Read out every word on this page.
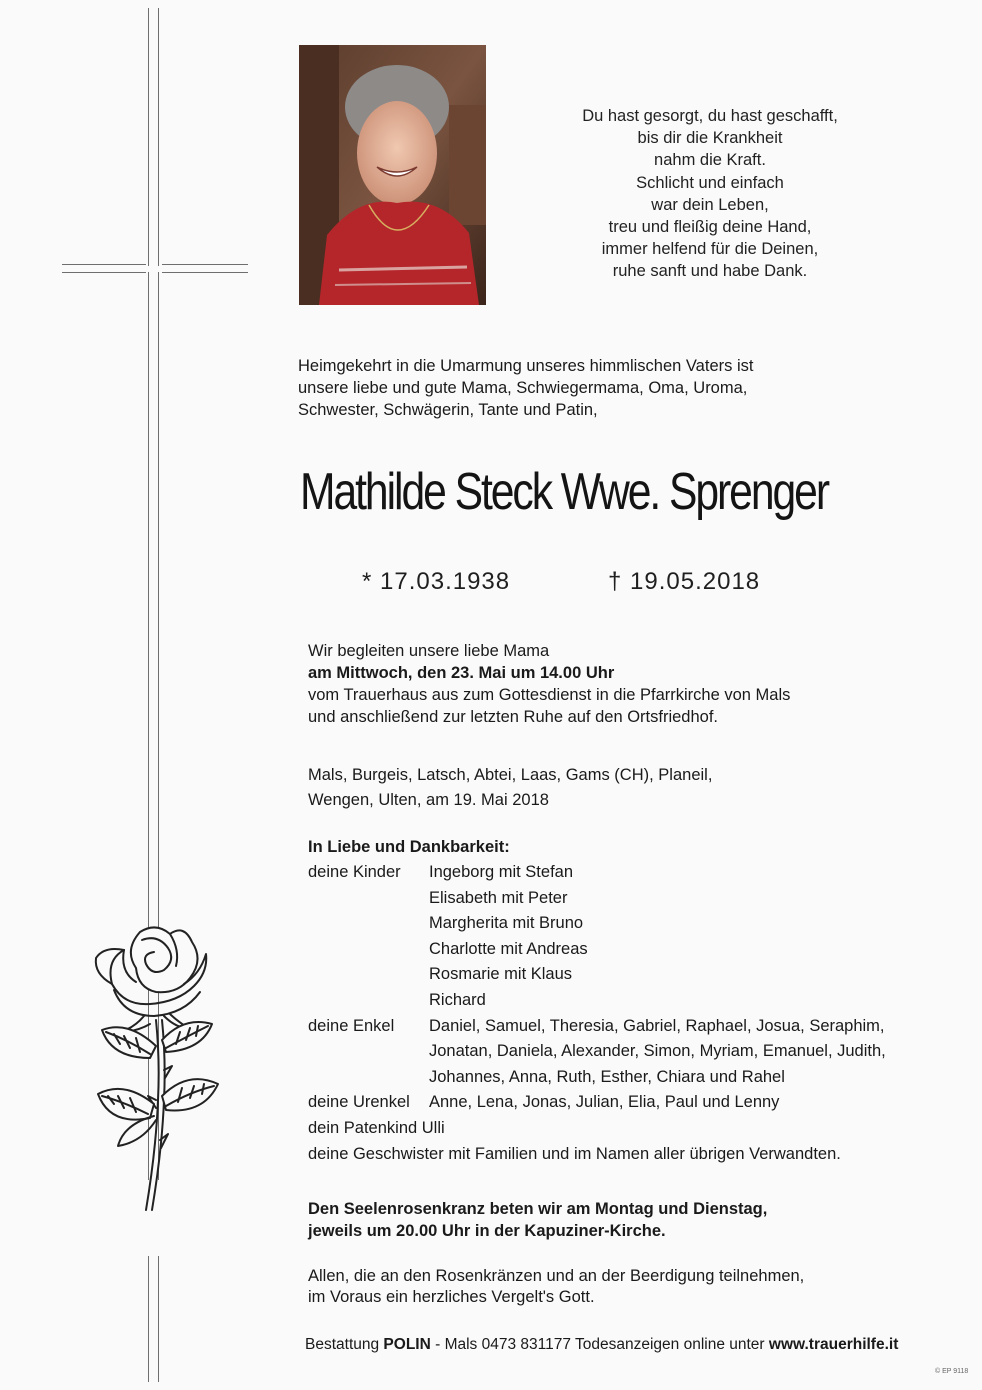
Du hast gesorgt, du hast geschafft,
bis dir die Krankheit
nahm die Kraft.
Schlicht und einfach
war dein Leben,
treu und fleißig deine Hand,
immer helfend für die Deinen,
ruhe sanft und habe Dank.
Heimgekehrt in die Umarmung unseres himmlischen Vaters ist
unsere liebe und gute Mama, Schwiegermama, Oma, Uroma,
Schwester, Schwägerin, Tante und Patin,
Mathilde Steck Wwe. Sprenger
* 17.03.1938	† 19.05.2018
Wir begleiten unsere liebe Mama
am Mittwoch, den 23. Mai um 14.00 Uhr
vom Trauerhaus aus zum Gottesdienst in die Pfarrkirche von Mals
und anschließend zur letzten Ruhe auf den Ortsfriedhof.
Mals, Burgeis, Latsch, Abtei, Laas, Gams (CH), Planeil,
Wengen, Ulten, am 19. Mai 2018
In Liebe und Dankbarkeit:
deine Kinder Ingeborg mit Stefan
Elisabeth mit Peter
Margherita mit Bruno
Charlotte mit Andreas
Rosmarie mit Klaus
Richard
deine Enkel Daniel, Samuel, Theresia, Gabriel, Raphael, Josua, Seraphim,
Jonatan, Daniela, Alexander, Simon, Myriam, Emanuel, Judith,
Johannes, Anna, Ruth, Esther, Chiara und Rahel
deine Urenkel Anne, Lena, Jonas, Julian, Elia, Paul und Lenny
dein Patenkind Ulli
deine Geschwister mit Familien und im Namen aller übrigen Verwandten.
Den Seelenrosenkranz beten wir am Montag und Dienstag,
jeweils um 20.00 Uhr in der Kapuziner-Kirche.
Allen, die an den Rosenkränzen und an der Beerdigung teilnehmen,
im Voraus ein herzliches Vergelt's Gott.
Bestattung POLIN - Mals 0473 831177 Todesanzeigen online unter www.trauerhilfe.it
© EP 9118
